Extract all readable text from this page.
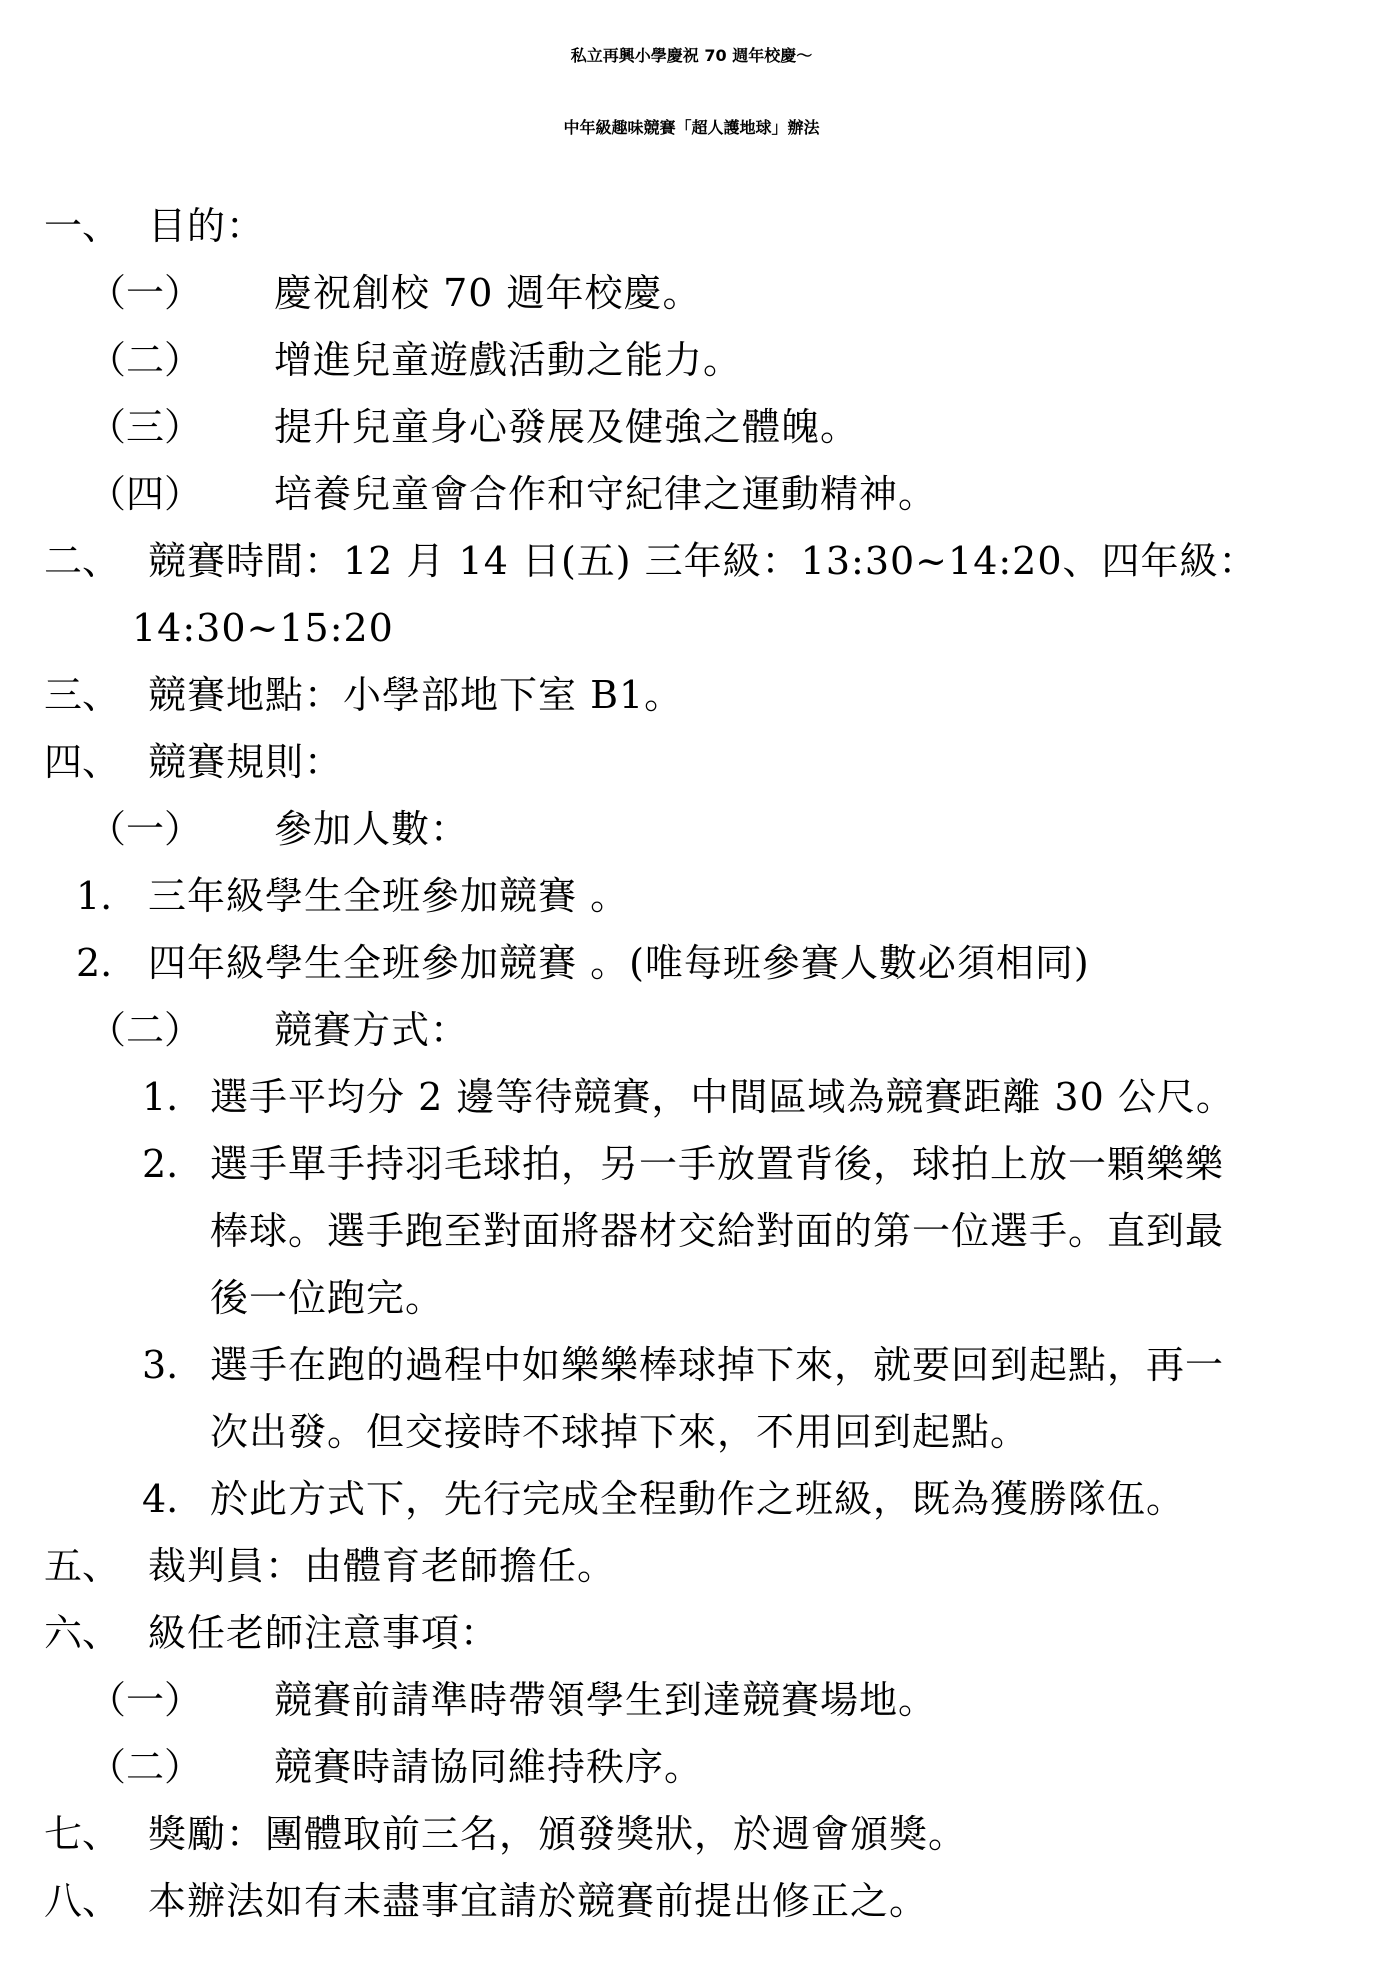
私立再興小學慶祝 70 週年校慶～
中年級趣味競賽「超人護地球」辦法
一、 目的：
（一） 慶祝創校 70 週年校慶。
（二） 增進兒童遊戲活動之能力。
（三） 提升兒童身心發展及健強之體魄。
（四） 培養兒童會合作和守紀律之運動精神。
二、 競賽時間：12 月 14 日(五) 三年級：13:30~14:20、四年級：
14:30~15:20
三、 競賽地點：小學部地下室 B1。
四、 競賽規則：
（一） 參加人數：
1. 三年級學生全班參加競賽 。
2. 四年級學生全班參加競賽 。(唯每班參賽人數必須相同)
（二） 競賽方式：
1. 選手平均分 2 邊等待競賽，中間區域為競賽距離 30 公尺。
2. 選手單手持羽毛球拍，另一手放置背後，球拍上放一顆樂樂
棒球。選手跑至對面將器材交給對面的第一位選手。直到最
後一位跑完。
3. 選手在跑的過程中如樂樂棒球掉下來，就要回到起點，再一
次出發。但交接時不球掉下來，不用回到起點。
4. 於此方式下，先行完成全程動作之班級，既為獲勝隊伍。
五、 裁判員：由體育老師擔任。
六、 級任老師注意事項：
（一） 競賽前請準時帶領學生到達競賽場地。
（二） 競賽時請協同維持秩序。
七、 獎勵：團體取前三名，頒發獎狀，於週會頒獎。
八、 本辦法如有未盡事宜請於競賽前提出修正之。
